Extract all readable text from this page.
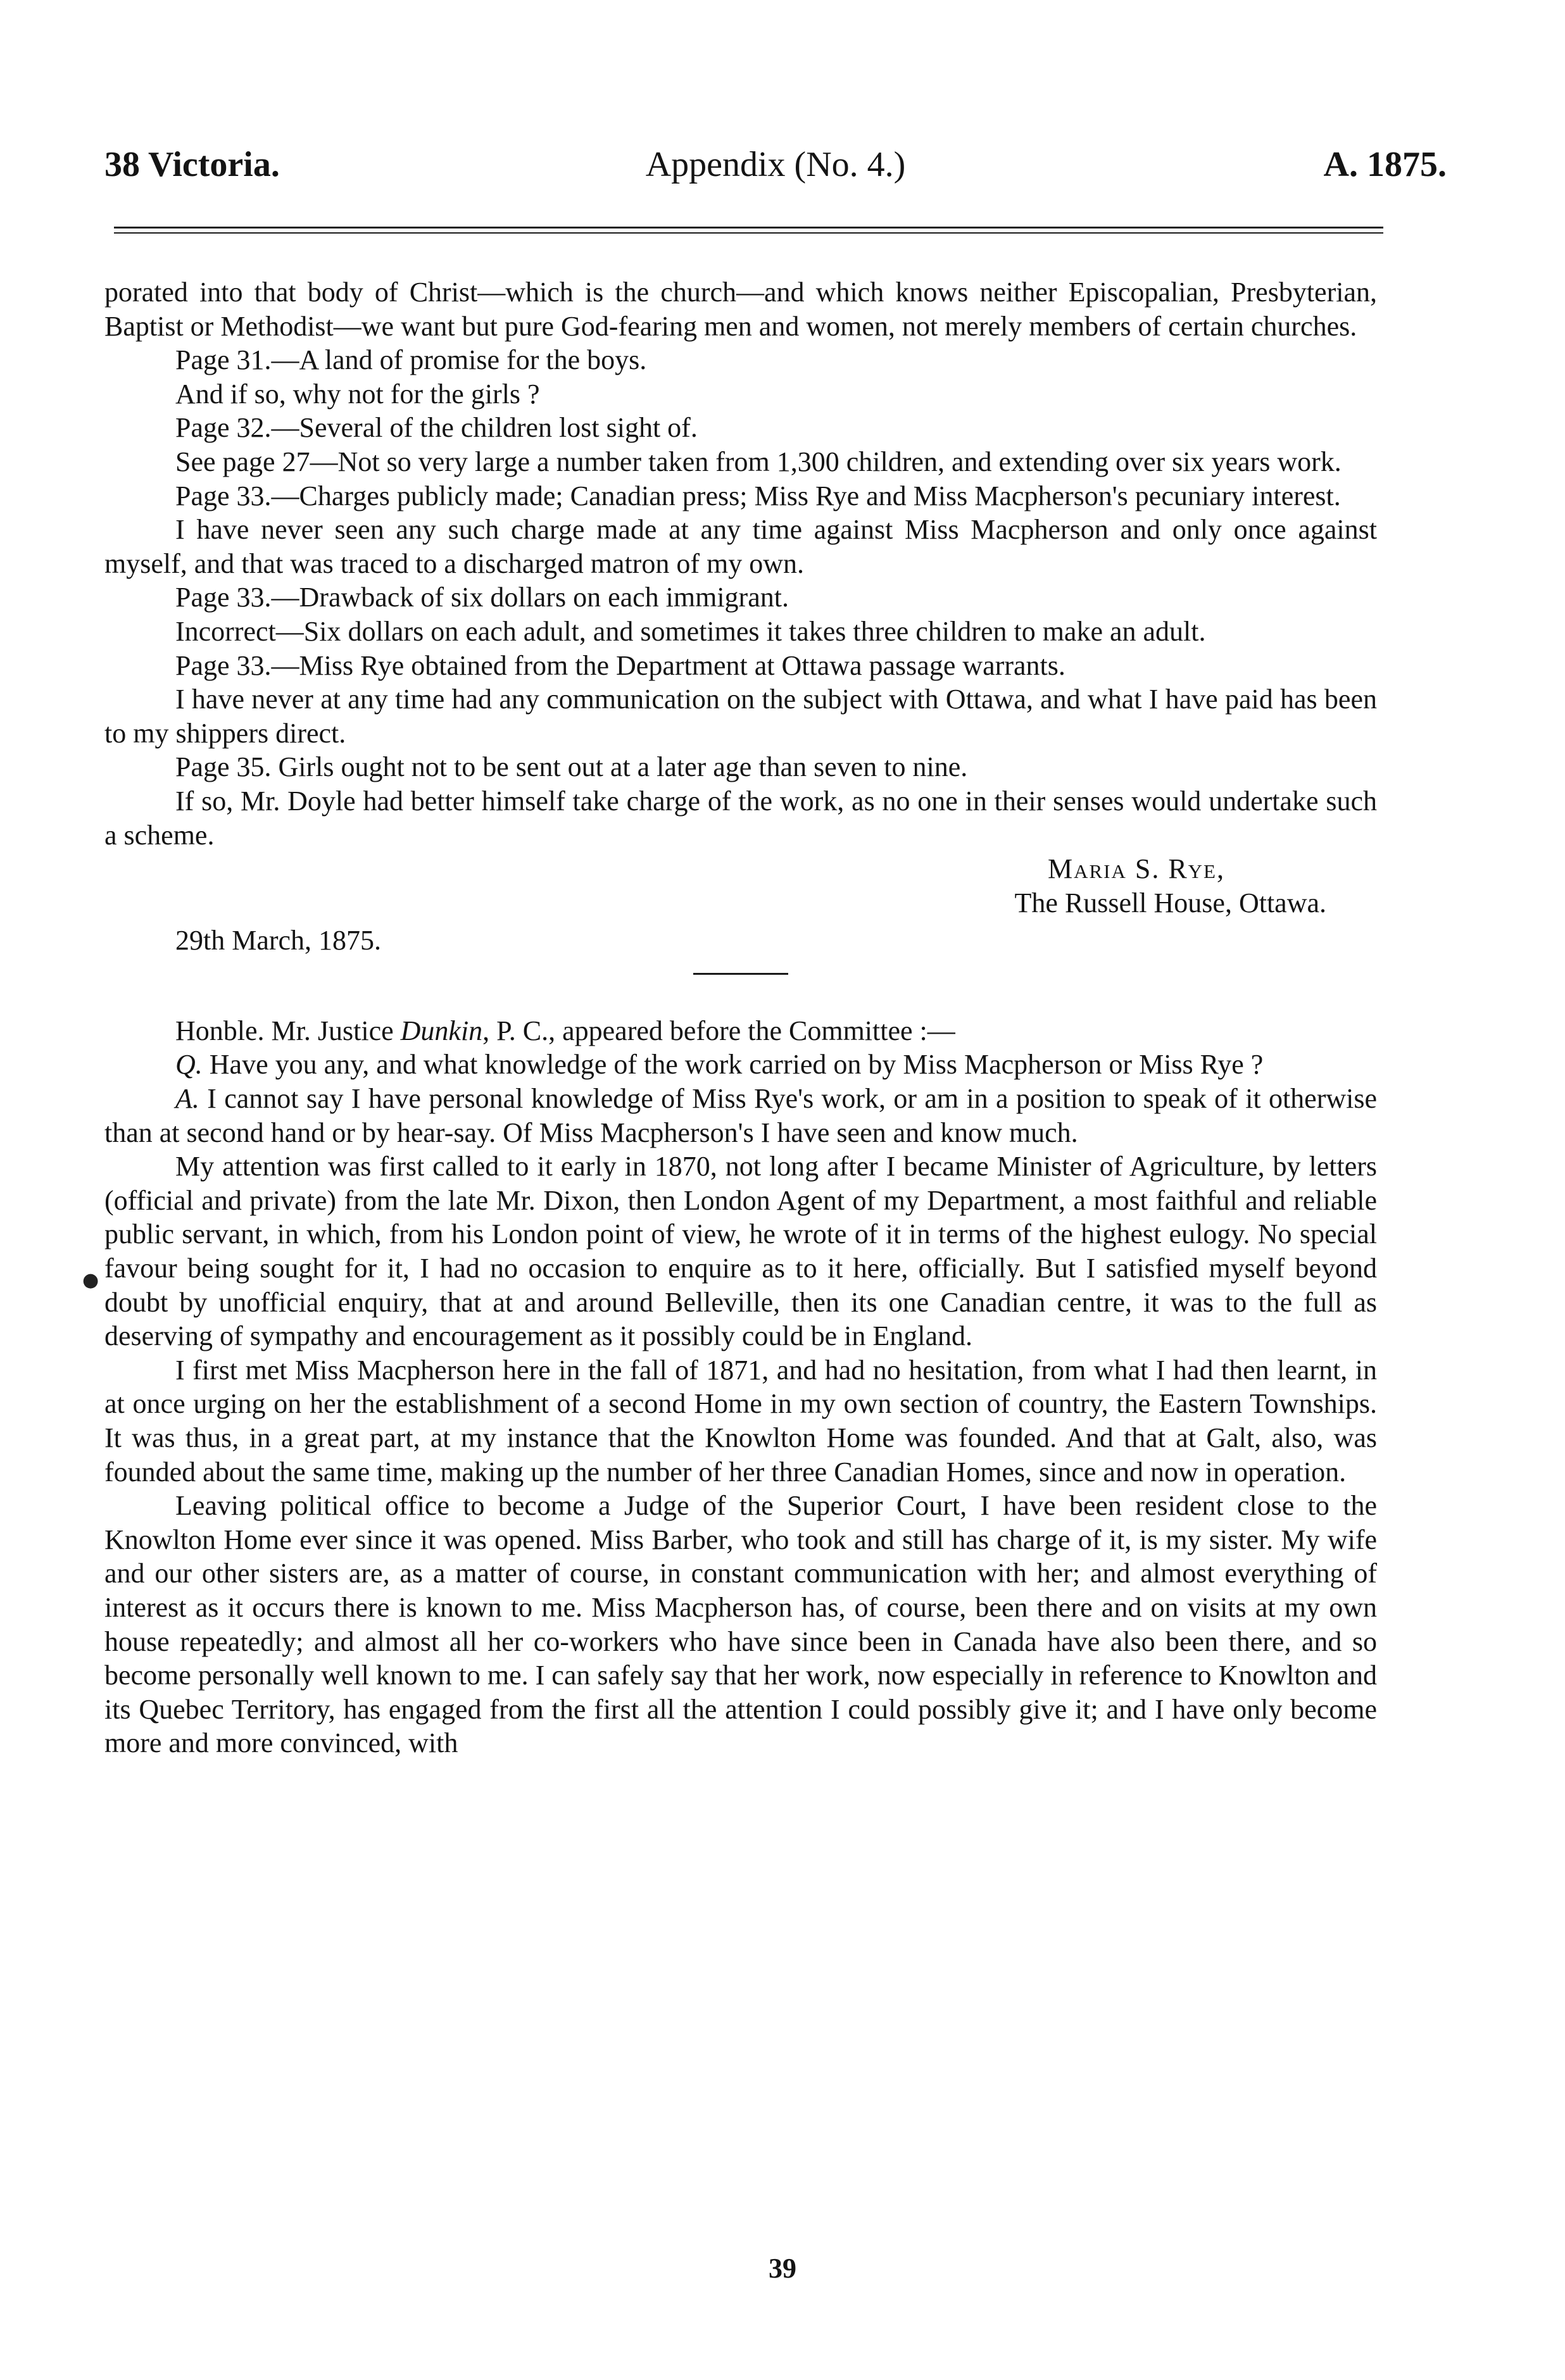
38 Victoria.	Appendix (No. 4.)	A. 1875.

porated into that body of Christ—which is the church—and which knows neither Episcopalian, Presbyterian, Baptist or Methodist—we want but pure God-fearing men and women, not merely members of certain churches.

Page 31.—A land of promise for the boys.

And if so, why not for the girls ?

Page 32.—Several of the children lost sight of.

See page 27—Not so very large a number taken from 1,300 children, and extending over six years work.

Page 33.—Charges publicly made; Canadian press; Miss Rye and Miss Macpherson's pecuniary interest.

I have never seen any such charge made at any time against Miss Macpherson and only once against myself, and that was traced to a discharged matron of my own.

Page 33.—Drawback of six dollars on each immigrant.

Incorrect—Six dollars on each adult, and sometimes it takes three children to make an adult.

Page 33.—Miss Rye obtained from the Department at Ottawa passage warrants.

I have never at any time had any communication on the subject with Ottawa, and what I have paid has been to my shippers direct.

Page 35. Girls ought not to be sent out at a later age than seven to nine.

If so, Mr. Doyle had better himself take charge of the work, as no one in their senses would undertake such a scheme.

Maria S. Rye,

The Russell House, Ottawa.

29th March, 1875.

Honble. Mr. Justice Dunkin, P. C., appeared before the Committee :—

Q. Have you any, and what knowledge of the work carried on by Miss Macpherson or Miss Rye ?

A. I cannot say I have personal knowledge of Miss Rye's work, or am in a position to speak of it otherwise than at second hand or by hear-say. Of Miss Macpherson's I have seen and know much.

My attention was first called to it early in 1870, not long after I became Minister of Agriculture, by letters (official and private) from the late Mr. Dixon, then London Agent of my Department, a most faithful and reliable public servant, in which, from his London point of view, he wrote of it in terms of the highest eulogy. No special favour being sought for it, I had no occasion to enquire as to it here, officially. But I satisfied myself beyond doubt by unofficial enquiry, that at and around Belleville, then its one Canadian centre, it was to the full as deserving of sympathy and encouragement as it possibly could be in England.

I first met Miss Macpherson here in the fall of 1871, and had no hesitation, from what I had then learnt, in at once urging on her the establishment of a second Home in my own section of country, the Eastern Townships. It was thus, in a great part, at my instance that the Knowlton Home was founded. And that at Galt, also, was founded about the same time, making up the number of her three Canadian Homes, since and now in operation.

Leaving political office to become a Judge of the Superior Court, I have been resident close to the Knowlton Home ever since it was opened. Miss Barber, who took and still has charge of it, is my sister. My wife and our other sisters are, as a matter of course, in constant communication with her; and almost everything of interest as it occurs there is known to me. Miss Macpherson has, of course, been there and on visits at my own house repeatedly; and almost all her co-workers who have since been in Canada have also been there, and so become personally well known to me. I can safely say that her work, now especially in reference to Knowlton and its Quebec Territory, has engaged from the first all the attention I could possibly give it; and I have only become more and more convinced, with

●
39
